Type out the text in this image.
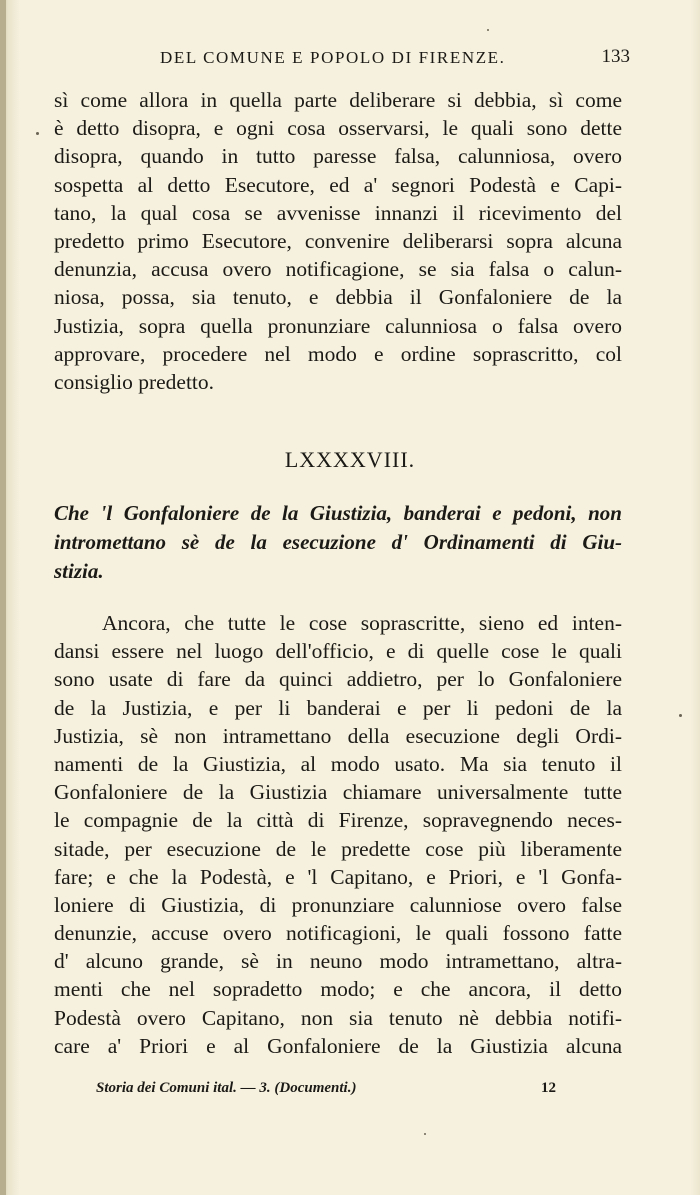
DEL COMUNE E POPOLO DI FIRENZE.	133
sì come allora in quella parte deliberare si debbia, sì come
è detto disopra, e ogni cosa osservarsi, le quali sono dette
disopra, quando in tutto paresse falsa, calunniosa, overo
sospetta al detto Esecutore, ed a' segnori Podestà e Capi-
tano, la qual cosa se avvenisse innanzi il ricevimento del
predetto primo Esecutore, convenire deliberarsi sopra alcuna
denunzia, accusa overo notificagione, se sia falsa o calun-
niosa, possa, sia tenuto, e debbia il Gonfaloniere de la
Justizia, sopra quella pronunziare calunniosa o falsa overo
approvare, procedere nel modo e ordine soprascritto, col
consiglio predetto.
LXXXXVIII.
Che 'l Gonfaloniere de la Giustizia, banderai e pedoni, non
intromettano sè de la esecuzione d' Ordinamenti di Giu-
stizia.
Ancora, che tutte le cose soprascritte, sieno ed inten-
dansi essere nel luogo dell'officio, e di quelle cose le quali
sono usate di fare da quinci addietro, per lo Gonfaloniere
de la Justizia, e per li banderai e per li pedoni de la
Justizia, sè non intramettano della esecuzione degli Ordi-
namenti de la Giustizia, al modo usato. Ma sia tenuto il
Gonfaloniere de la Giustizia chiamare universalmente tutte
le compagnie de la città di Firenze, sopravegnendo neces-
sitade, per esecuzione de le predette cose più liberamente
fare; e che la Podestà, e 'l Capitano, e Priori, e 'l Gonfa-
loniere di Giustizia, di pronunziare calunniose overo false
denunzie, accuse overo notificagioni, le quali fossono fatte
d' alcuno grande, sè in neuno modo intramettano, altra-
menti che nel sopradetto modo; e che ancora, il detto
Podestà overo Capitano, non sia tenuto nè debbia notifi-
care a' Priori e al Gonfaloniere de la Giustizia alcuna
Storia dei Comuni ital. — 3. (Documenti.)	12
